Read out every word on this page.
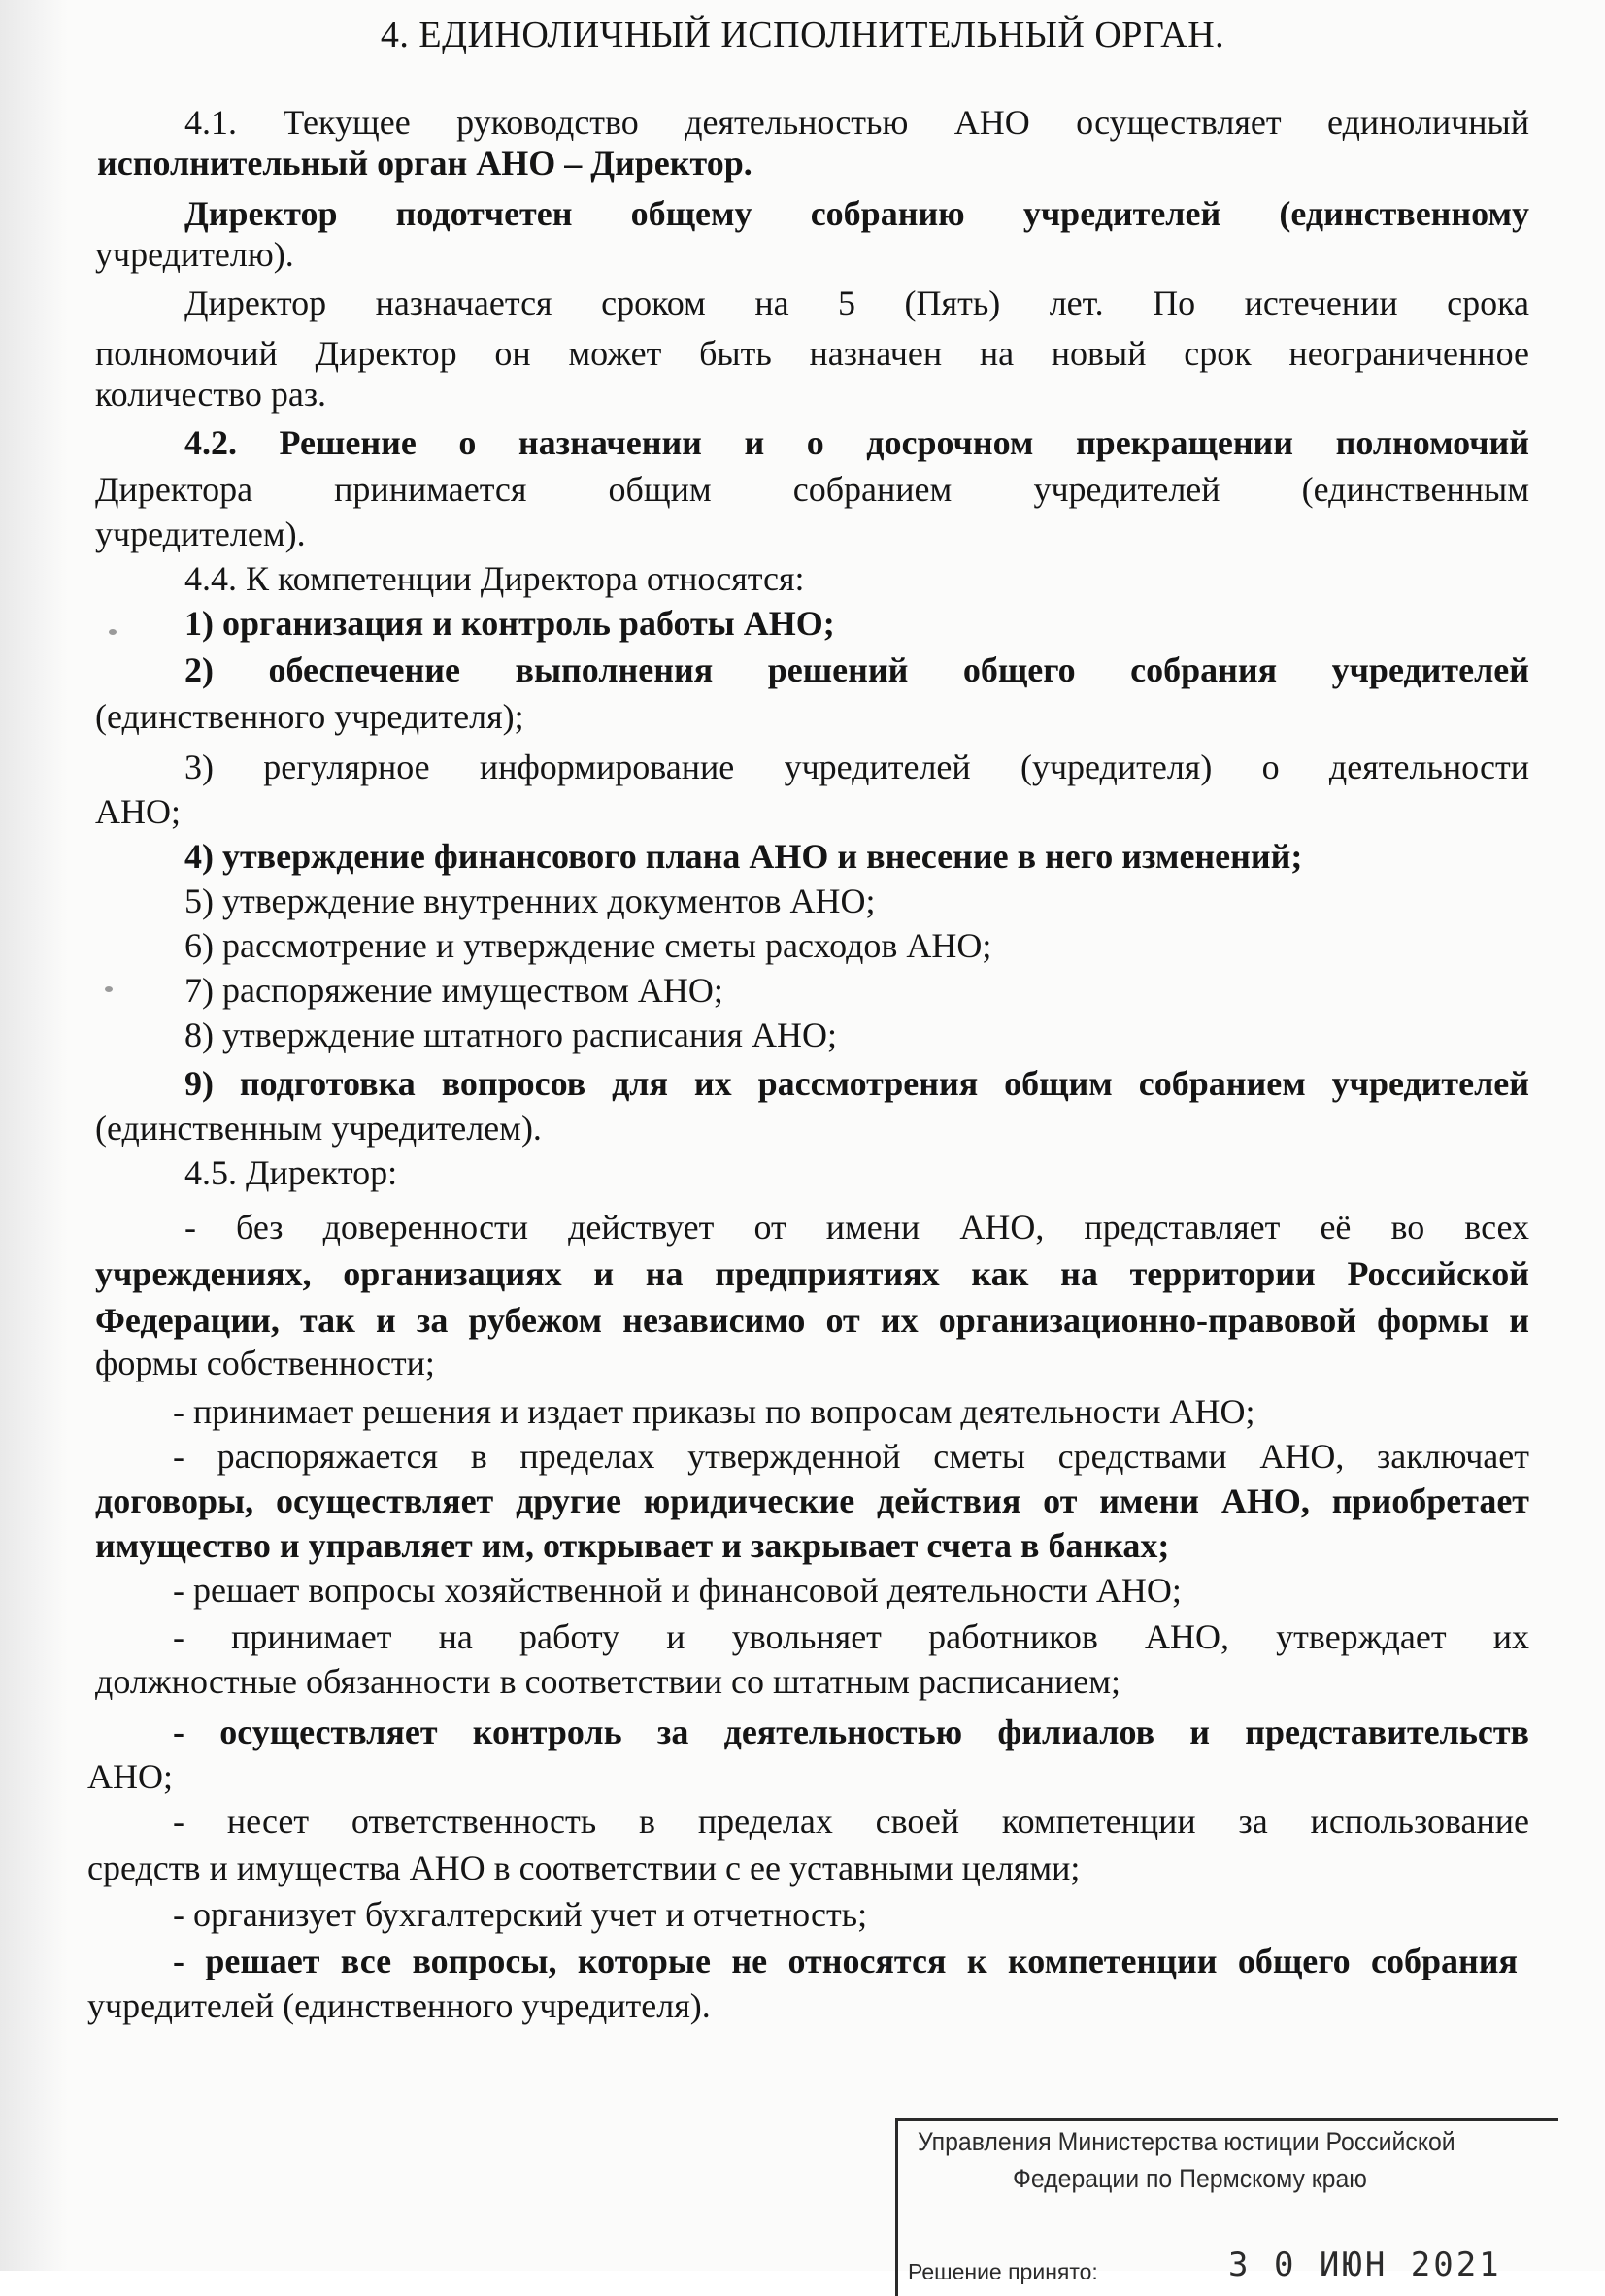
4. ЕДИНОЛИЧНЫЙ ИСПОЛНИТЕЛЬНЫЙ ОРГАН.
4.1. Текущее руководство деятельностью АНО осуществляет единоличный
исполнительный орган АНО – Директор.
Директор подотчетен общему собранию учредителей (единственному
учредителю).
Директор назначается сроком на 5 (Пять) лет. По истечении срока
полномочий Директор он может быть назначен на новый срок неограниченное
количество раз.
4.2. Решение о назначении и о досрочном прекращении полномочий
Директора принимается общим собранием учредителей (единственным
учредителем).
4.4. К компетенции Директора относятся:
1) организация и контроль работы АНО;
2) обеспечение выполнения решений общего собрания учредителей
(единственного учредителя);
3) регулярное информирование учредителей (учредителя) о деятельности
АНО;
4) утверждение финансового плана АНО и внесение в него изменений;
5) утверждение внутренних документов АНО;
6) рассмотрение и утверждение сметы расходов АНО;
7) распоряжение имуществом АНО;
8) утверждение штатного расписания АНО;
9) подготовка вопросов для их рассмотрения общим собранием учредителей
(единственным учредителем).
4.5. Директор:
- без доверенности действует от имени АНО, представляет её во всех
учреждениях, организациях и на предприятиях как на территории Российской
Федерации, так и за рубежом независимо от их организационно-правовой формы и
формы собственности;
- принимает решения и издает приказы по вопросам деятельности АНО;
- распоряжается в пределах утвержденной сметы средствами АНО, заключает
договоры, осуществляет другие юридические действия от имени АНО, приобретает
имущество и управляет им, открывает и закрывает счета в банках;
- решает вопросы хозяйственной и финансовой деятельности АНО;
- принимает на работу и увольняет работников АНО, утверждает их
должностные обязанности в соответствии со штатным расписанием;
- осуществляет контроль за деятельностью филиалов и представительств
АНО;
- несет ответственность в пределах своей компетенции за использование
средств и имущества АНО в соответствии с ее уставными целями;
- организует бухгалтерский учет и отчетность;
- решает все вопросы, которые не относятся к компетенции общего собрания
учредителей (единственного учредителя).
Управления Министерства юстиции Российской
Федерации по Пермскому краю
Решение принято:	3 0 ИЮН 2021
